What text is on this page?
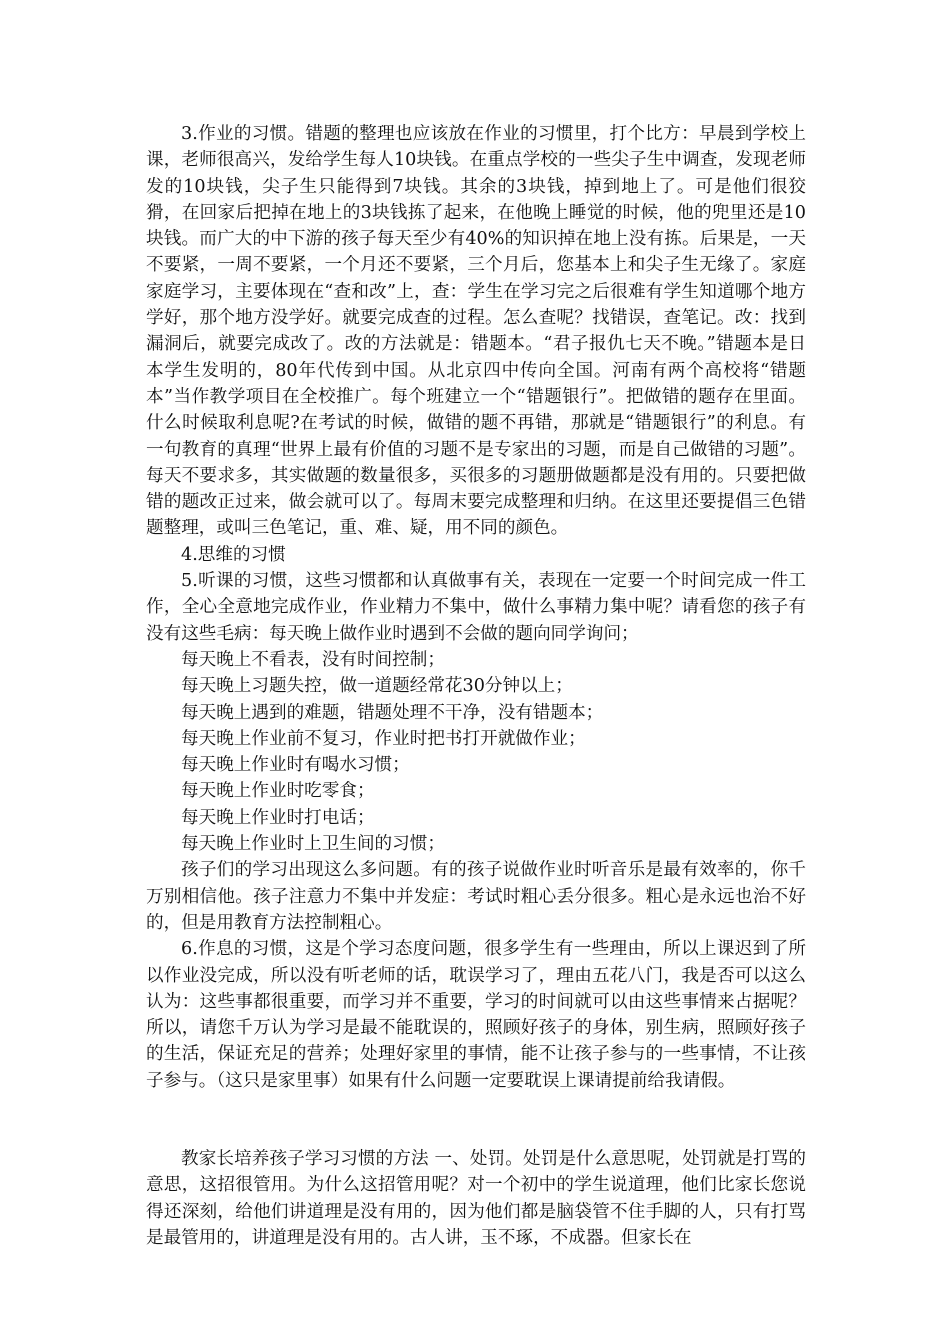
3.作业的习惯。错题的整理也应该放在作业的习惯里，打个比方：早晨到学校上课，老师很高兴，发给学生每人10块钱。在重点学校的一些尖子生中调查，发现老师发的10块钱，尖子生只能得到7块钱。其余的3块钱，掉到地上了。可是他们很狡猾，在回家后把掉在地上的3块钱拣了起来，在他晚上睡觉的时候，他的兜里还是10块钱。而广大的中下游的孩子每天至少有40%的知识掉在地上没有拣。后果是，一天不要紧，一周不要紧，一个月还不要紧，三个月后，您基本上和尖子生无缘了。家庭家庭学习，主要体现在“查和改”上，查：学生在学习完之后很难有学生知道哪个地方学好，那个地方没学好。就要完成查的过程。怎么查呢？找错误，查笔记。改：找到漏洞后，就要完成改了。改的方法就是：错题本。“君子报仇七天不晚。”错题本是日本学生发明的，80年代传到中国。从北京四中传向全国。河南有两个高校将“错题本”当作教学项目在全校推广。每个班建立一个“错题银行”。把做错的题存在里面。什么时候取利息呢?在考试的时候，做错的题不再错，那就是“错题银行”的利息。有一句教育的真理“世界上最有价值的习题不是专家出的习题，而是自己做错的习题”。每天不要求多，其实做题的数量很多，买很多的习题册做题都是没有用的。只要把做错的题改正过来，做会就可以了。每周末要完成整理和归纳。在这里还要提倡三色错题整理，或叫三色笔记，重、难、疑，用不同的颜色。

4.思维的习惯

5.听课的习惯，这些习惯都和认真做事有关，表现在一定要一个时间完成一件工作，全心全意地完成作业，作业精力不集中，做什么事精力集中呢？请看您的孩子有没有这些毛病：每天晚上做作业时遇到不会做的题向同学询问；

每天晚上不看表，没有时间控制；

每天晚上习题失控，做一道题经常花30分钟以上；

每天晚上遇到的难题，错题处理不干净，没有错题本；

每天晚上作业前不复习，作业时把书打开就做作业；

每天晚上作业时有喝水习惯；

每天晚上作业时吃零食；

每天晚上作业时打电话；

每天晚上作业时上卫生间的习惯；

孩子们的学习出现这么多问题。有的孩子说做作业时听音乐是最有效率的，你千万别相信他。孩子注意力不集中并发症：考试时粗心丢分很多。粗心是永远也治不好的，但是用教育方法控制粗心。

6.作息的习惯，这是个学习态度问题，很多学生有一些理由，所以上课迟到了所以作业没完成，所以没有听老师的话，耽误学习了，理由五花八门，我是否可以这么认为：这些事都很重要，而学习并不重要，学习的时间就可以由这些事情来占据呢？所以，请您千万认为学习是最不能耽误的，照顾好孩子的身体，别生病，照顾好孩子的生活，保证充足的营养；处理好家里的事情，能不让孩子参与的一些事情，不让孩子参与。（这只是家里事）如果有什么问题一定要耽误上课请提前给我请假。

教家长培养孩子学习习惯的方法 一、处罚。处罚是什么意思呢，处罚就是打骂的意思，这招很管用。为什么这招管用呢？对一个初中的学生说道理，他们比家长您说得还深刻，给他们讲道理是没有用的，因为他们都是脑袋管不住手脚的人，只有打骂是最管用的，讲道理是没有用的。古人讲，玉不琢，不成器。但家长在
